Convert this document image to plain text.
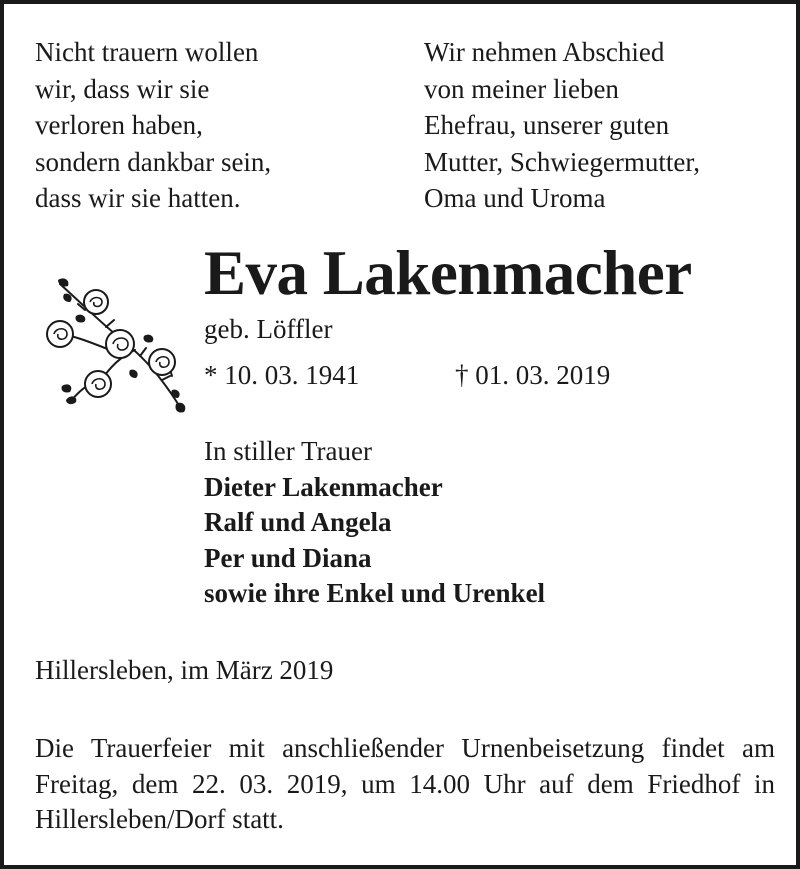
Nicht trauern wollen
wir, dass wir sie
verloren haben,
sondern dankbar sein,
dass wir sie hatten.
Wir nehmen Abschied
von meiner lieben
Ehefrau, unserer guten
Mutter, Schwiegermutter,
Oma und Uroma
Eva Lakenmacher
geb. Löffler
* 10. 03. 1941	† 01. 03. 2019
In stiller Trauer
Dieter Lakenmacher
Ralf und Angela
Per und Diana
sowie ihre Enkel und Urenkel
Hillersleben, im März 2019
Die Trauerfeier mit anschließender Urnenbeisetzung findet am Freitag, dem 22. 03. 2019, um 14.00 Uhr auf dem Friedhof in Hillersleben/Dorf statt.
